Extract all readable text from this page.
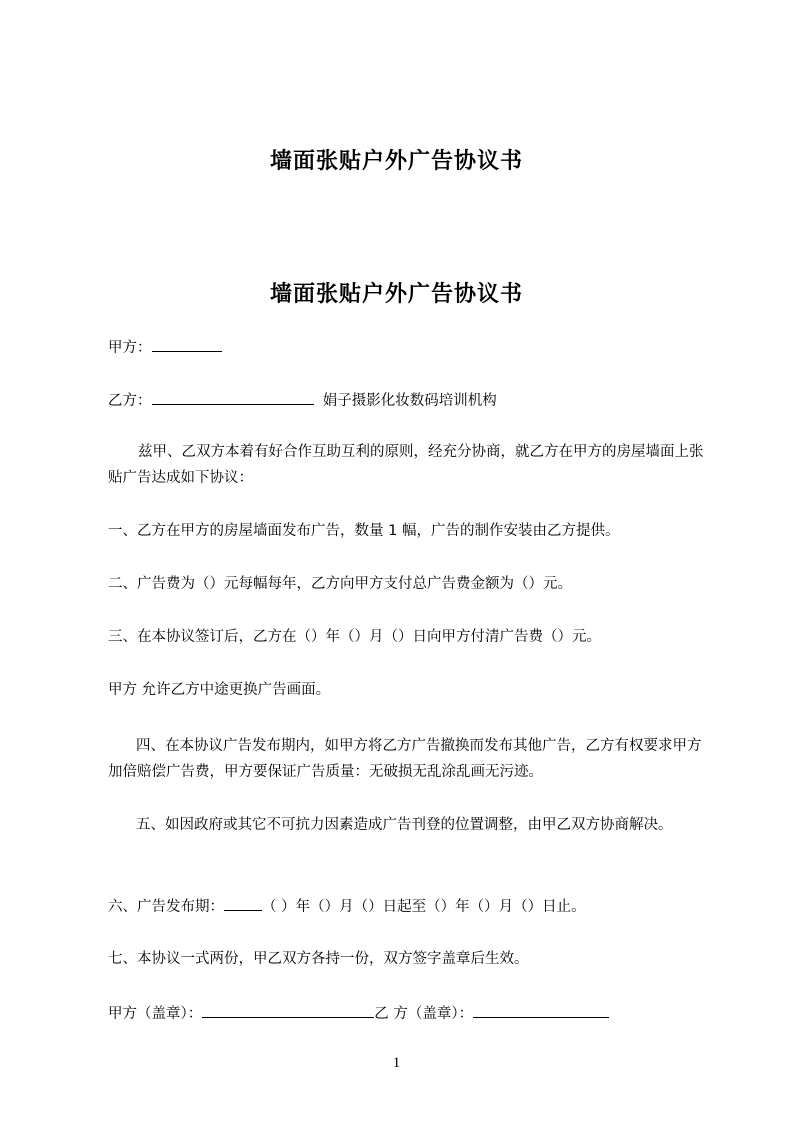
墙面张贴户外广告协议书
墙面张贴户外广告协议书
甲方：
乙方：	娟子摄影化妆数码培训机构
兹甲、乙双方本着有好合作互助互利的原则，经充分协商，就乙方在甲方的房屋墙面上张贴广告达成如下协议：
一、乙方在甲方的房屋墙面发布广告，数量 1 幅，广告的制作安装由乙方提供。
二、广告费为（）元每幅每年，乙方向甲方支付总广告费金额为（）元。
三、在本协议签订后，乙方在（）年（）月（）日向甲方付清广告费（）元。
甲方 允许乙方中途更换广告画面。
四、在本协议广告发布期内，如甲方将乙方广告撤换而发布其他广告，乙方有权要求甲方加倍赔偿广告费，甲方要保证广告质量：无破损无乱涂乱画无污迹。
五、如因政府或其它不可抗力因素造成广告刊登的位置调整，由甲乙双方协商解决。
六、广告发布期：	（ ）年（）月（）日起至（）年（）月（）日止。
七、本协议一式两份，甲乙双方各持一份，双方签字盖章后生效。
甲方（盖章）：	乙 方（盖章）：
1
